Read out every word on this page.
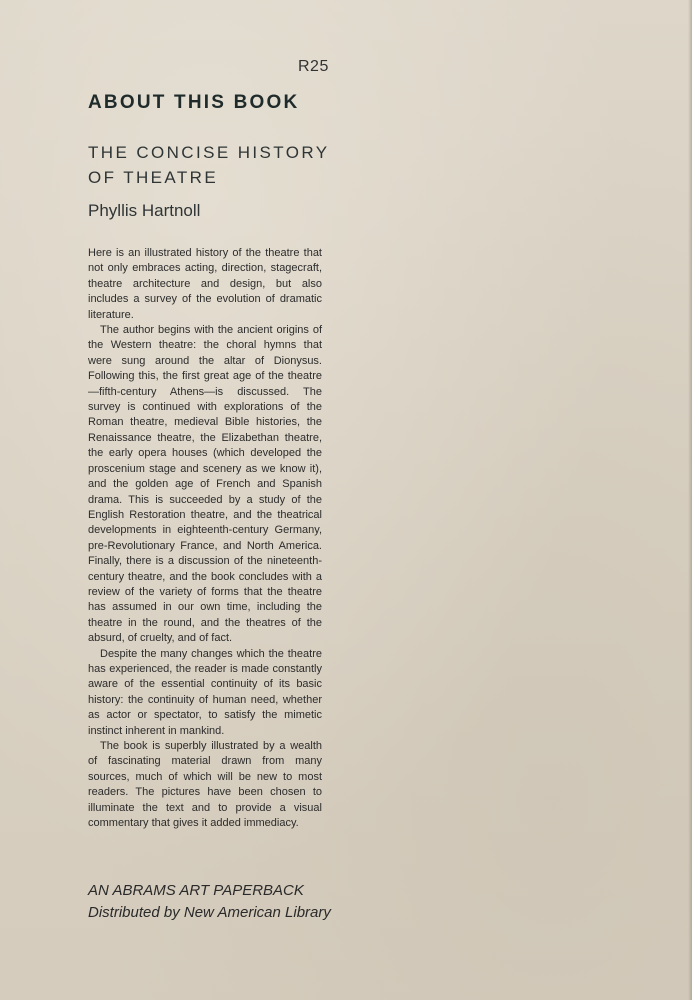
R25
ABOUT THIS BOOK
THE CONCISE HISTORY
OF THEATRE
Phyllis Hartnoll

Here is an illustrated history of the theatre that not only embraces acting, direction, stagecraft, theatre architecture and design, but also includes a survey of the evolution of dramatic literature.

The author begins with the ancient origins of the Western theatre: the choral hymns that were sung around the altar of Dionysus. Following this, the first great age of the theatre—fifth-century Athens—is discussed. The survey is continued with explorations of the Roman theatre, medieval Bible histories, the Renaissance theatre, the Elizabethan theatre, the early opera houses (which developed the proscenium stage and scenery as we know it), and the golden age of French and Spanish drama. This is succeeded by a study of the English Restoration theatre, and the theatrical developments in eighteenth-century Germany, pre-Revolutionary France, and North America. Finally, there is a discussion of the nineteenth-century theatre, and the book concludes with a review of the variety of forms that the theatre has assumed in our own time, including the theatre in the round, and the theatres of the absurd, of cruelty, and of fact.

Despite the many changes which the theatre has experienced, the reader is made constantly aware of the essential continuity of its basic history: the continuity of human need, whether as actor or spectator, to satisfy the mimetic instinct inherent in mankind.

The book is superbly illustrated by a wealth of fascinating material drawn from many sources, much of which will be new to most readers. The pictures have been chosen to illuminate the text and to provide a visual commentary that gives it added immediacy.

AN ABRAMS ART PAPERBACK
Distributed by New American Library
